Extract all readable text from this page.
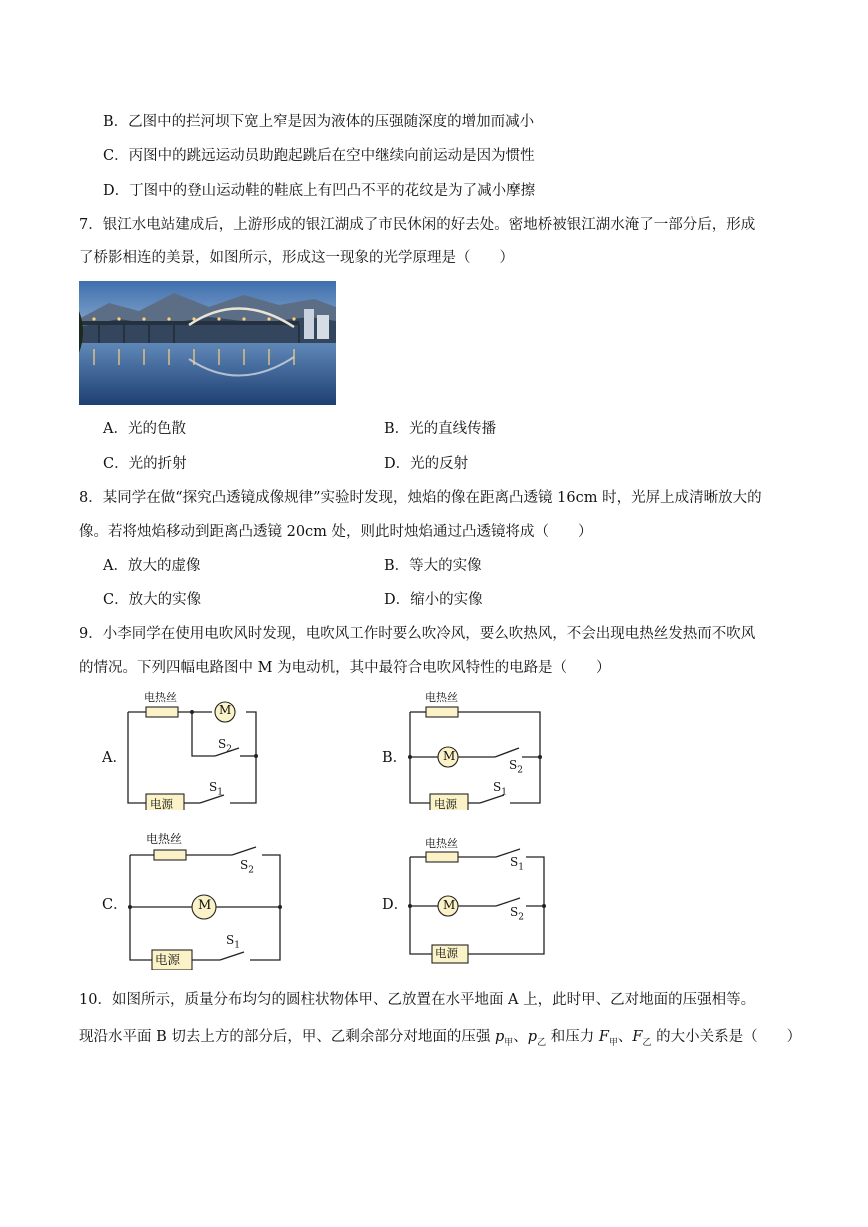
B．乙图中的拦河坝下宽上窄是因为液体的压强随深度的增加而减小
C．丙图中的跳远运动员助跑起跳后在空中继续向前运动是因为惯性
D．丁图中的登山运动鞋的鞋底上有凹凸不平的花纹是为了减小摩擦
7．银江水电站建成后，上游形成的银江湖成了市民休闲的好去处。密地桥被银江湖水淹了一部分后，形成
了桥影相连的美景，如图所示，形成这一现象的光学原理是（　　）
A．光的色散	B．光的直线传播
C．光的折射	D．光的反射
8．某同学在做“探究凸透镜成像规律”实验时发现，烛焰的像在距离凸透镜 16cm 时，光屏上成清晰放大的
像。若将烛焰移动到距离凸透镜 20cm 处，则此时烛焰通过凸透镜将成（　　）
A．放大的虚像	B．等大的实像
C．放大的实像	D．缩小的实像
9．小李同学在使用电吹风时发现，电吹风工作时要么吹冷风，要么吹热风，不会出现电热丝发热而不吹风
的情况。下列四幅电路图中 M 为电动机，其中最符合电吹风特性的电路是（　　）
A．
电热丝
M
电源
$S_2$
$S_1$
B．
电热丝
M
电源
$S_2$
$S_1$
C．
电热丝
M
电源
$S_2$
$S_1$
D．
电热丝
M
电源
$S_1$
$S_2$
10．如图所示，质量分布均匀的圆柱状物体甲、乙放置在水平地面 A 上，此时甲、乙对地面的压强相等。
现沿水平面 B 切去上方的部分后，甲、乙剩余部分对地面的压强 $p_甲$、$p_乙$ 和压力 $F_甲$、$F_乙$ 的大小关系是（　　）
